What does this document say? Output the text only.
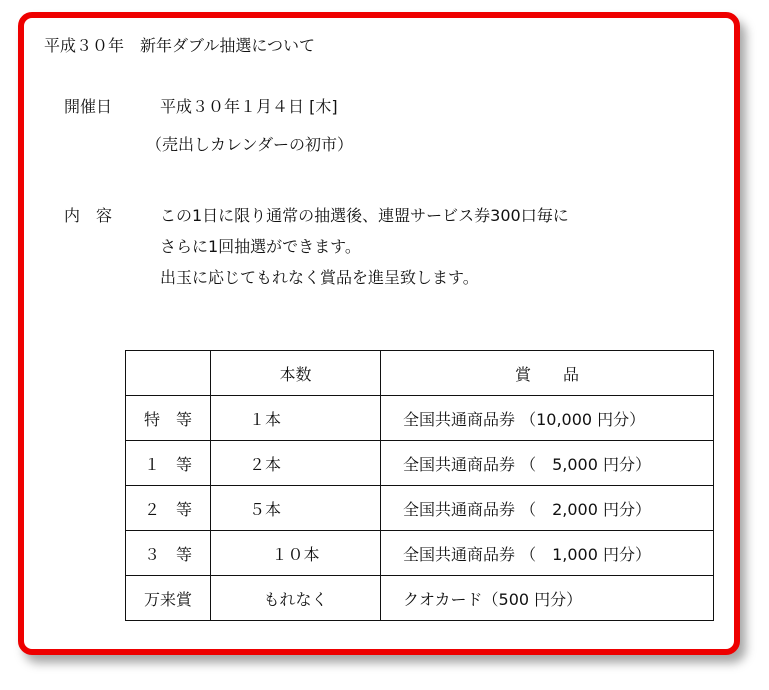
平成３０年　新年ダブル抽選について
開催日	平成３０年１月４日 [木]
（売出しカレンダーの初市）
内　容	この1日に限り通常の抽選後、連盟サービス券300口毎に
さらに1回抽選ができます。
出玉に応じてもれなく賞品を進呈致します。
	本数	賞　　品
特　等	１本	全国共通商品券 （10,000 円分）
１　等	２本	全国共通商品券 （　5,000 円分）
２　等	５本	全国共通商品券 （　2,000 円分）
３　等	１０本	全国共通商品券 （　1,000 円分）
万来賞	もれなく	クオカード（500 円分）
